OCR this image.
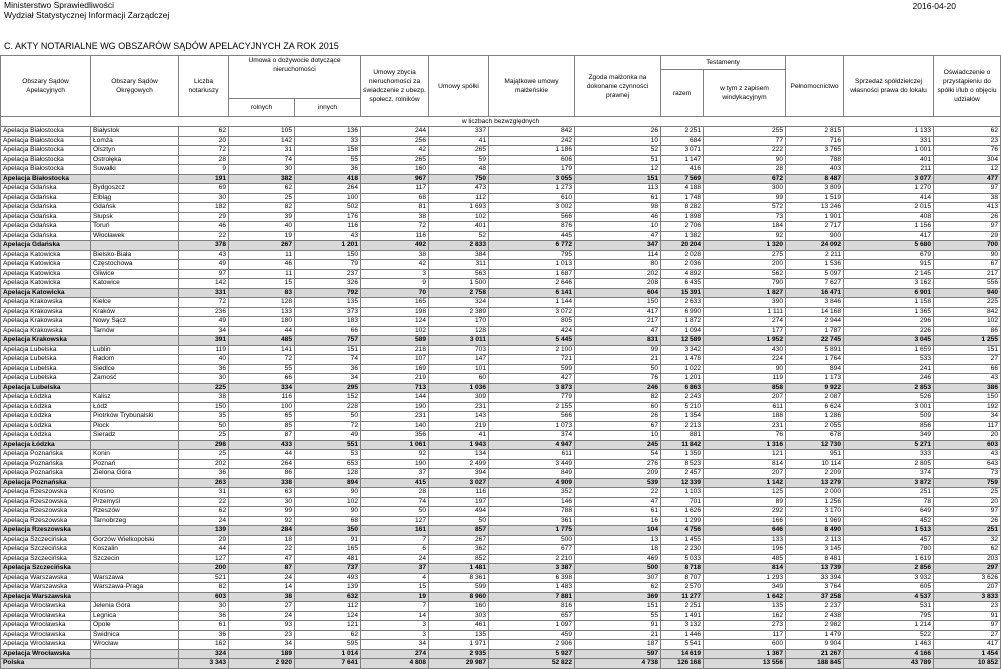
Ministerstwo Sprawiedliwości
Wydział Statystycznej Informacji Zarządczej
2016-04-20
C. AKTY NOTARIALNE WG OBSZARÓW SĄDÓW APELACYJNYCH ZA ROK 2015
Obszary Sądów Apelacyjnych	Obszary Sądów Okręgowych	Liczba notariuszy	Umowa o dożywocie dotyczące nieruchomości		Umowy zbycia nieruchomości za świadczenie z ubezp. społecz. rolników	Umowy spółki	Majątkowe umowy małżeńskie	Zgoda małżonka na dokonanie czynności prawnej	Testamenty		Pełnomocnictwo	Sprzedaż spółdzielczej własności prawa do lokalu	Oświadczenie o przystąpieniu do spółki i/lub o objęciu udziałów
									razem	w tym z zapisem windykacyjnym			
			rolnych	innych									
w liczbach bezwzględnych													
Apelacja Białostocka	Białystok	62	105	136	244	337	842	26	2 251	255	2 815	1 133	62
Apelacja Białostocka	Łomża	20	142	33	256	41	242	10	684	77	716	331	23
Apelacja Białostocka	Olsztyn	72	31	158	42	265	1 186	52	3 071	222	3 765	1 001	76
Apelacja Białostocka	Ostrołęka	28	74	55	265	59	606	51	1 147	90	788	401	304
Apelacja Białostocka	Suwałki	9	30	36	160	48	179	12	416	28	403	211	12
Apelacja Białostocka		191	382	418	967	750	3 055	151	7 569	672	8 487	3 077	477
Apelacja Gdańska	Bydgoszcz	69	62	264	117	473	1 273	113	4 188	300	3 809	1 270	97
Apelacja Gdańska	Elbląg	30	25	100	68	112	610	61	1 748	99	1 519	414	38
Apelacja Gdańska	Gdańsk	182	82	502	81	1 693	3 002	98	8 282	572	13 246	2 015	413
Apelacja Gdańska	Słupsk	29	39	176	38	102	566	46	1 898	73	1 901	408	26
Apelacja Gdańska	Toruń	46	40	116	72	401	876	10	2 706	184	2 717	1 156	97
Apelacja Gdańska	Włocławek	22	19	43	116	52	445	47	1 382	92	900	417	29
Apelacja Gdańska		378	267	1 201	492	2 833	6 772	347	20 204	1 320	24 092	5 680	700
Apelacja Katowicka	Bielsko-Biała	43	11	150	38	384	795	114	2 028	275	2 211	679	90
Apelacja Katowicka	Częstochowa	49	46	79	42	311	1 013	80	2 036	200	1 536	915	67
Apelacja Katowicka	Gliwice	97	11	237	3	563	1 687	202	4 892	562	5 097	2 145	217
Apelacja Katowicka	Katowice	142	15	326	9	1 500	2 646	208	6 435	790	7 627	3 162	556
Apelacja Katowicka		331	83	792	70	2 758	6 141	604	15 391	1 827	16 471	6 901	940
Apelacja Krakowska	Kielce	72	128	135	165	324	1 144	150	2 633	390	3 846	1 158	225
Apelacja Krakowska	Kraków	236	133	373	198	2 389	3 072	417	6 990	1 111	14 168	1 365	842
Apelacja Krakowska	Nowy Sącz	49	180	183	124	170	805	217	1 872	274	2 944	296	102
Apelacja Krakowska	Tarnów	34	44	66	102	128	424	47	1 094	177	1 787	226	86
Apelacja Krakowska		391	485	757	589	3 011	5 445	831	12 589	1 952	22 745	3 045	1 255
Apelacja Lubelska	Lublin	119	141	151	218	703	2 100	99	3 342	430	5 891	1 659	151
Apelacja Lubelska	Radom	40	72	74	107	147	721	21	1 478	224	1 764	533	27
Apelacja Lubelska	Siedlce	36	55	36	169	101	599	50	1 022	90	894	241	66
Apelacja Lubelska	Zamość	30	66	34	219	60	427	76	1 201	119	1 173	246	43
Apelacja Lubelska		225	334	295	713	1 036	3 873	246	6 863	858	9 922	2 853	386
Apelacja Łódzka	Kalisz	38	116	152	144	309	779	82	2 243	207	2 087	526	150
Apelacja Łódzka	Łódź	150	100	228	190	231	2 155	60	5 210	611	6 624	3 001	192
Apelacja Łódzka	Piotrków Trybunalski	35	65	50	231	143	566	26	1 354	188	1 286	509	34
Apelacja Łódzka	Płock	50	85	72	140	219	1 073	67	2 213	231	2 055	856	117
Apelacja Łódzka	Sieradz	25	87	49	356	41	374	10	881	76	678	349	20
Apelacja Łódzka		298	433	551	1 061	1 943	4 947	245	11 842	1 316	12 730	5 271	603
Apelacja Poznańska	Konin	25	44	53	92	134	611	54	1 359	121	951	333	43
Apelacja Poznańska	Poznań	202	264	653	190	2 499	3 449	276	8 523	814	10 114	2 805	643
Apelacja Poznańska	Zielona Góra	36	86	128	37	394	849	209	2 457	207	2 209	374	73
Apelacja Poznańska		263	338	894	415	3 027	4 909	539	12 339	1 142	13 279	3 872	759
Apelacja Rzeszowska	Krosno	31	63	90	28	116	352	22	1 103	125	2 000	251	25
Apelacja Rzeszowska	Przemyśl	22	30	102	74	197	146	47	701	89	1 256	78	20
Apelacja Rzeszowska	Rzeszów	62	99	90	50	494	788	61	1 626	292	3 170	649	97
Apelacja Rzeszowska	Tarnobrzeg	24	92	68	127	50	361	16	1 299	166	1 969	452	26
Apelacja Rzeszowska		139	284	350	161	857	1 775	104	4 756	646	8 490	1 513	251
Apelacja Szczecińska	Gorzów Wielkopolski	29	18	91	7	267	500	13	1 455	133	2 113	457	32
Apelacja Szczecińska	Koszalin	44	22	165	6	362	677	18	2 230	196	3 145	780	62
Apelacja Szczecińska	Szczecin	127	47	481	24	852	2 210	469	5 033	485	8 481	1 619	203
Apelacja Szczecińska		200	87	737	37	1 481	3 387	500	8 718	814	13 739	2 856	297
Apelacja Warszawska	Warszawa	521	24	493	4	8 361	6 398	307	8 707	1 293	33 394	3 932	3 626
Apelacja Warszawska	Warszawa-Praga	82	14	139	15	599	1 483	62	2 570	349	3 764	605	207
Apelacja Warszawska		603	38	632	19	8 960	7 881	369	11 277	1 642	37 258	4 537	3 833
Apelacja Wrocławska	Jelenia Góra	30	27	112	7	160	816	151	2 251	135	2 237	531	23
Apelacja Wrocławska	Legnica	36	24	124	14	303	657	55	1 491	162	2 438	795	91
Apelacja Wrocławska	Opole	61	93	121	3	461	1 097	91	3 132	273	2 982	1 214	97
Apelacja Wrocławska	Świdnica	36	23	62	3	135	459	21	1 446	117	1 479	522	27
Apelacja Wrocławska	Wrocław	162	34	595	34	1 971	2 906	187	5 541	600	9 904	1 463	417
Apelacja Wrocławska		324	189	1 014	274	2 935	5 927	597	14 619	1 367	21 267	4 166	1 454
Polska		3 343	2 920	7 641	4 808	29 987	52 822	4 738	126 168	13 556	188 845	43 789	10 852
